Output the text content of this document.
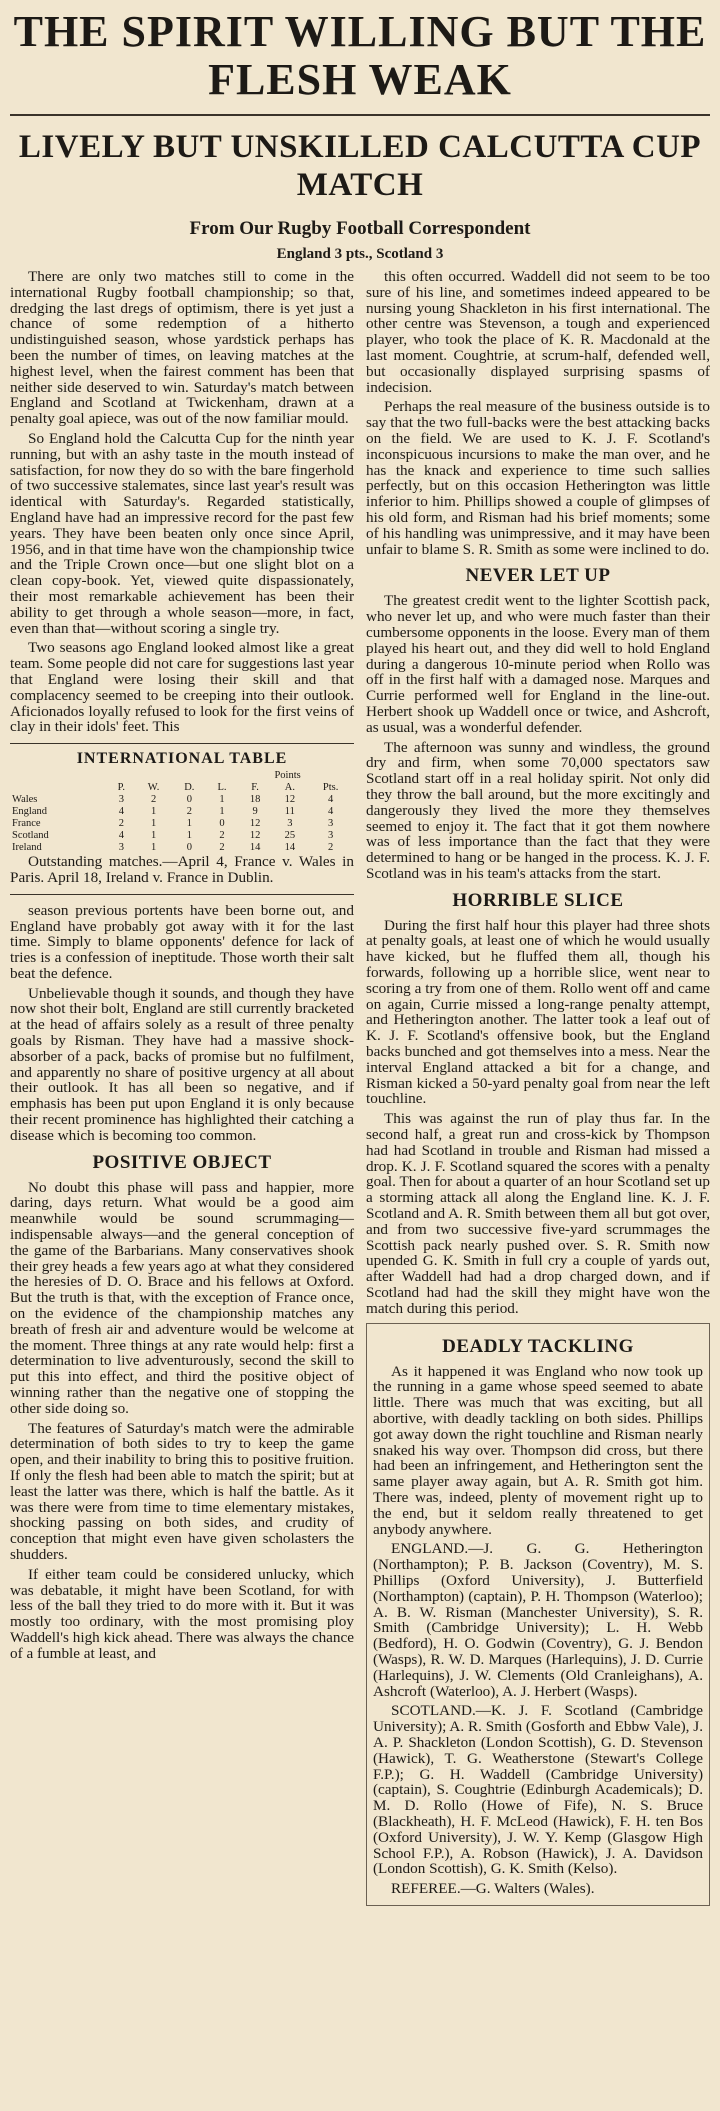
THE SPIRIT WILLING BUT THE FLESH WEAK
LIVELY BUT UNSKILLED CALCUTTA CUP MATCH
From Our Rugby Football Correspondent
England 3 pts., Scotland 3

There are only two matches still to come in the international Rugby football championship; so that, dredging the last dregs of optimism, there is yet just a chance of some redemption of a hitherto undistinguished season, whose yardstick perhaps has been the number of times, on leaving matches at the highest level, when the fairest comment has been that neither side deserved to win. Saturday's match between England and Scotland at Twickenham, drawn at a penalty goal apiece, was out of the now familiar mould.

So England hold the Calcutta Cup for the ninth year running, but with an ashy taste in the mouth instead of satisfaction, for now they do so with the bare fingerhold of two successive stalemates, since last year's result was identical with Saturday's. Regarded statistically, England have had an impressive record for the past few years. They have been beaten only once since April, 1956, and in that time have won the championship twice and the Triple Crown once—but one slight blot on a clean copy-book. Yet, viewed quite dispassionately, their most remarkable achievement has been their ability to get through a whole season—more, in fact, even than that—without scoring a single try.

Two seasons ago England looked almost like a great team. Some people did not care for suggestions last year that England were losing their skill and that complacency seemed to be creeping into their outlook. Aficionados loyally refused to look for the first veins of clay in their idols' feet. This

INTERNATIONAL TABLE
						Points	
	P.	W.	D.	L.	F.	A.	Pts.
Wales	3	2	0	1	18	12	4
England	4	1	2	1	9	11	4
France	2	1	1	0	12	3	3
Scotland	4	1	1	2	12	25	3
Ireland	3	1	0	2	14	14	2

Outstanding matches.—April 4, France v. Wales in Paris. April 18, Ireland v. France in Dublin.

season previous portents have been borne out, and England have probably got away with it for the last time. Simply to blame opponents' defence for lack of tries is a confession of ineptitude. Those worth their salt beat the defence.

Unbelievable though it sounds, and though they have now shot their bolt, England are still currently bracketed at the head of affairs solely as a result of three penalty goals by Risman. They have had a massive shock-absorber of a pack, backs of promise but no fulfilment, and apparently no share of positive urgency at all about their outlook. It has all been so negative, and if emphasis has been put upon England it is only because their recent prominence has highlighted their catching a disease which is becoming too common.

POSITIVE OBJECT

No doubt this phase will pass and happier, more daring, days return. What would be a good aim meanwhile would be sound scrummaging—indispensable always—and the general conception of the game of the Barbarians. Many conservatives shook their grey heads a few years ago at what they considered the heresies of D. O. Brace and his fellows at Oxford. But the truth is that, with the exception of France once, on the evidence of the championship matches any breath of fresh air and adventure would be welcome at the moment. Three things at any rate would help: first a determination to live adventurously, second the skill to put this into effect, and third the positive object of winning rather than the negative one of stopping the other side doing so.

The features of Saturday's match were the admirable determination of both sides to try to keep the game open, and their inability to bring this to positive fruition. If only the flesh had been able to match the spirit; but at least the latter was there, which is half the battle. As it was there were from time to time elementary mistakes, shocking passing on both sides, and crudity of conception that might even have given scholasters the shudders.

If either team could be considered unlucky, which was debatable, it might have been Scotland, for with less of the ball they tried to do more with it. But it was mostly too ordinary, with the most promising ploy Waddell's high kick ahead. There was always the chance of a fumble at least, and

this often occurred. Waddell did not seem to be too sure of his line, and sometimes indeed appeared to be nursing young Shackleton in his first international. The other centre was Stevenson, a tough and experienced player, who took the place of K. R. Macdonald at the last moment. Coughtrie, at scrum-half, defended well, but occasionally displayed surprising spasms of indecision.

Perhaps the real measure of the business outside is to say that the two full-backs were the best attacking backs on the field. We are used to K. J. F. Scotland's inconspicuous incursions to make the man over, and he has the knack and experience to time such sallies perfectly, but on this occasion Hetherington was little inferior to him. Phillips showed a couple of glimpses of his old form, and Risman had his brief moments; some of his handling was unimpressive, and it may have been unfair to blame S. R. Smith as some were inclined to do.

NEVER LET UP

The greatest credit went to the lighter Scottish pack, who never let up, and who were much faster than their cumbersome opponents in the loose. Every man of them played his heart out, and they did well to hold England during a dangerous 10-minute period when Rollo was off in the first half with a damaged nose. Marques and Currie performed well for England in the line-out. Herbert shook up Waddell once or twice, and Ashcroft, as usual, was a wonderful defender.

The afternoon was sunny and windless, the ground dry and firm, when some 70,000 spectators saw Scotland start off in a real holiday spirit. Not only did they throw the ball around, but the more excitingly and dangerously they lived the more they themselves seemed to enjoy it. The fact that it got them nowhere was of less importance than the fact that they were determined to hang or be hanged in the process. K. J. F. Scotland was in his team's attacks from the start.

HORRIBLE SLICE

During the first half hour this player had three shots at penalty goals, at least one of which he would usually have kicked, but he fluffed them all, though his forwards, following up a horrible slice, went near to scoring a try from one of them. Rollo went off and came on again, Currie missed a long-range penalty attempt, and Hetherington another. The latter took a leaf out of K. J. F. Scotland's offensive book, but the England backs bunched and got themselves into a mess. Near the interval England attacked a bit for a change, and Risman kicked a 50-yard penalty goal from near the left touchline.

This was against the run of play thus far. In the second half, a great run and cross-kick by Thompson had had Scotland in trouble and Risman had missed a drop. K. J. F. Scotland squared the scores with a penalty goal. Then for about a quarter of an hour Scotland set up a storming attack all along the England line. K. J. F. Scotland and A. R. Smith between them all but got over, and from two successive five-yard scrummages the Scottish pack nearly pushed over. S. R. Smith now upended G. K. Smith in full cry a couple of yards out, after Waddell had had a drop charged down, and if Scotland had had the skill they might have won the match during this period.

DEADLY TACKLING

As it happened it was England who now took up the running in a game whose speed seemed to abate little. There was much that was exciting, but all abortive, with deadly tackling on both sides. Phillips got away down the right touchline and Risman nearly snaked his way over. Thompson did cross, but there had been an infringement, and Hetherington sent the same player away again, but A. R. Smith got him. There was, indeed, plenty of movement right up to the end, but it seldom really threatened to get anybody anywhere.

ENGLAND.—J. G. G. Hetherington (Northampton); P. B. Jackson (Coventry), M. S. Phillips (Oxford University), J. Butterfield (Northampton) (captain), P. H. Thompson (Waterloo); A. B. W. Risman (Manchester University), S. R. Smith (Cambridge University); L. H. Webb (Bedford), H. O. Godwin (Coventry), G. J. Bendon (Wasps), R. W. D. Marques (Harlequins), J. D. Currie (Harlequins), J. W. Clements (Old Cranleighans), A. Ashcroft (Waterloo), A. J. Herbert (Wasps).

SCOTLAND.—K. J. F. Scotland (Cambridge University); A. R. Smith (Gosforth and Ebbw Vale), J. A. P. Shackleton (London Scottish), G. D. Stevenson (Hawick), T. G. Weatherstone (Stewart's College F.P.); G. H. Waddell (Cambridge University) (captain), S. Coughtrie (Edinburgh Academicals); D. M. D. Rollo (Howe of Fife), N. S. Bruce (Blackheath), H. F. McLeod (Hawick), F. H. ten Bos (Oxford University), J. W. Y. Kemp (Glasgow High School F.P.), A. Robson (Hawick), J. A. Davidson (London Scottish), G. K. Smith (Kelso).

REFEREE.—G. Walters (Wales).
